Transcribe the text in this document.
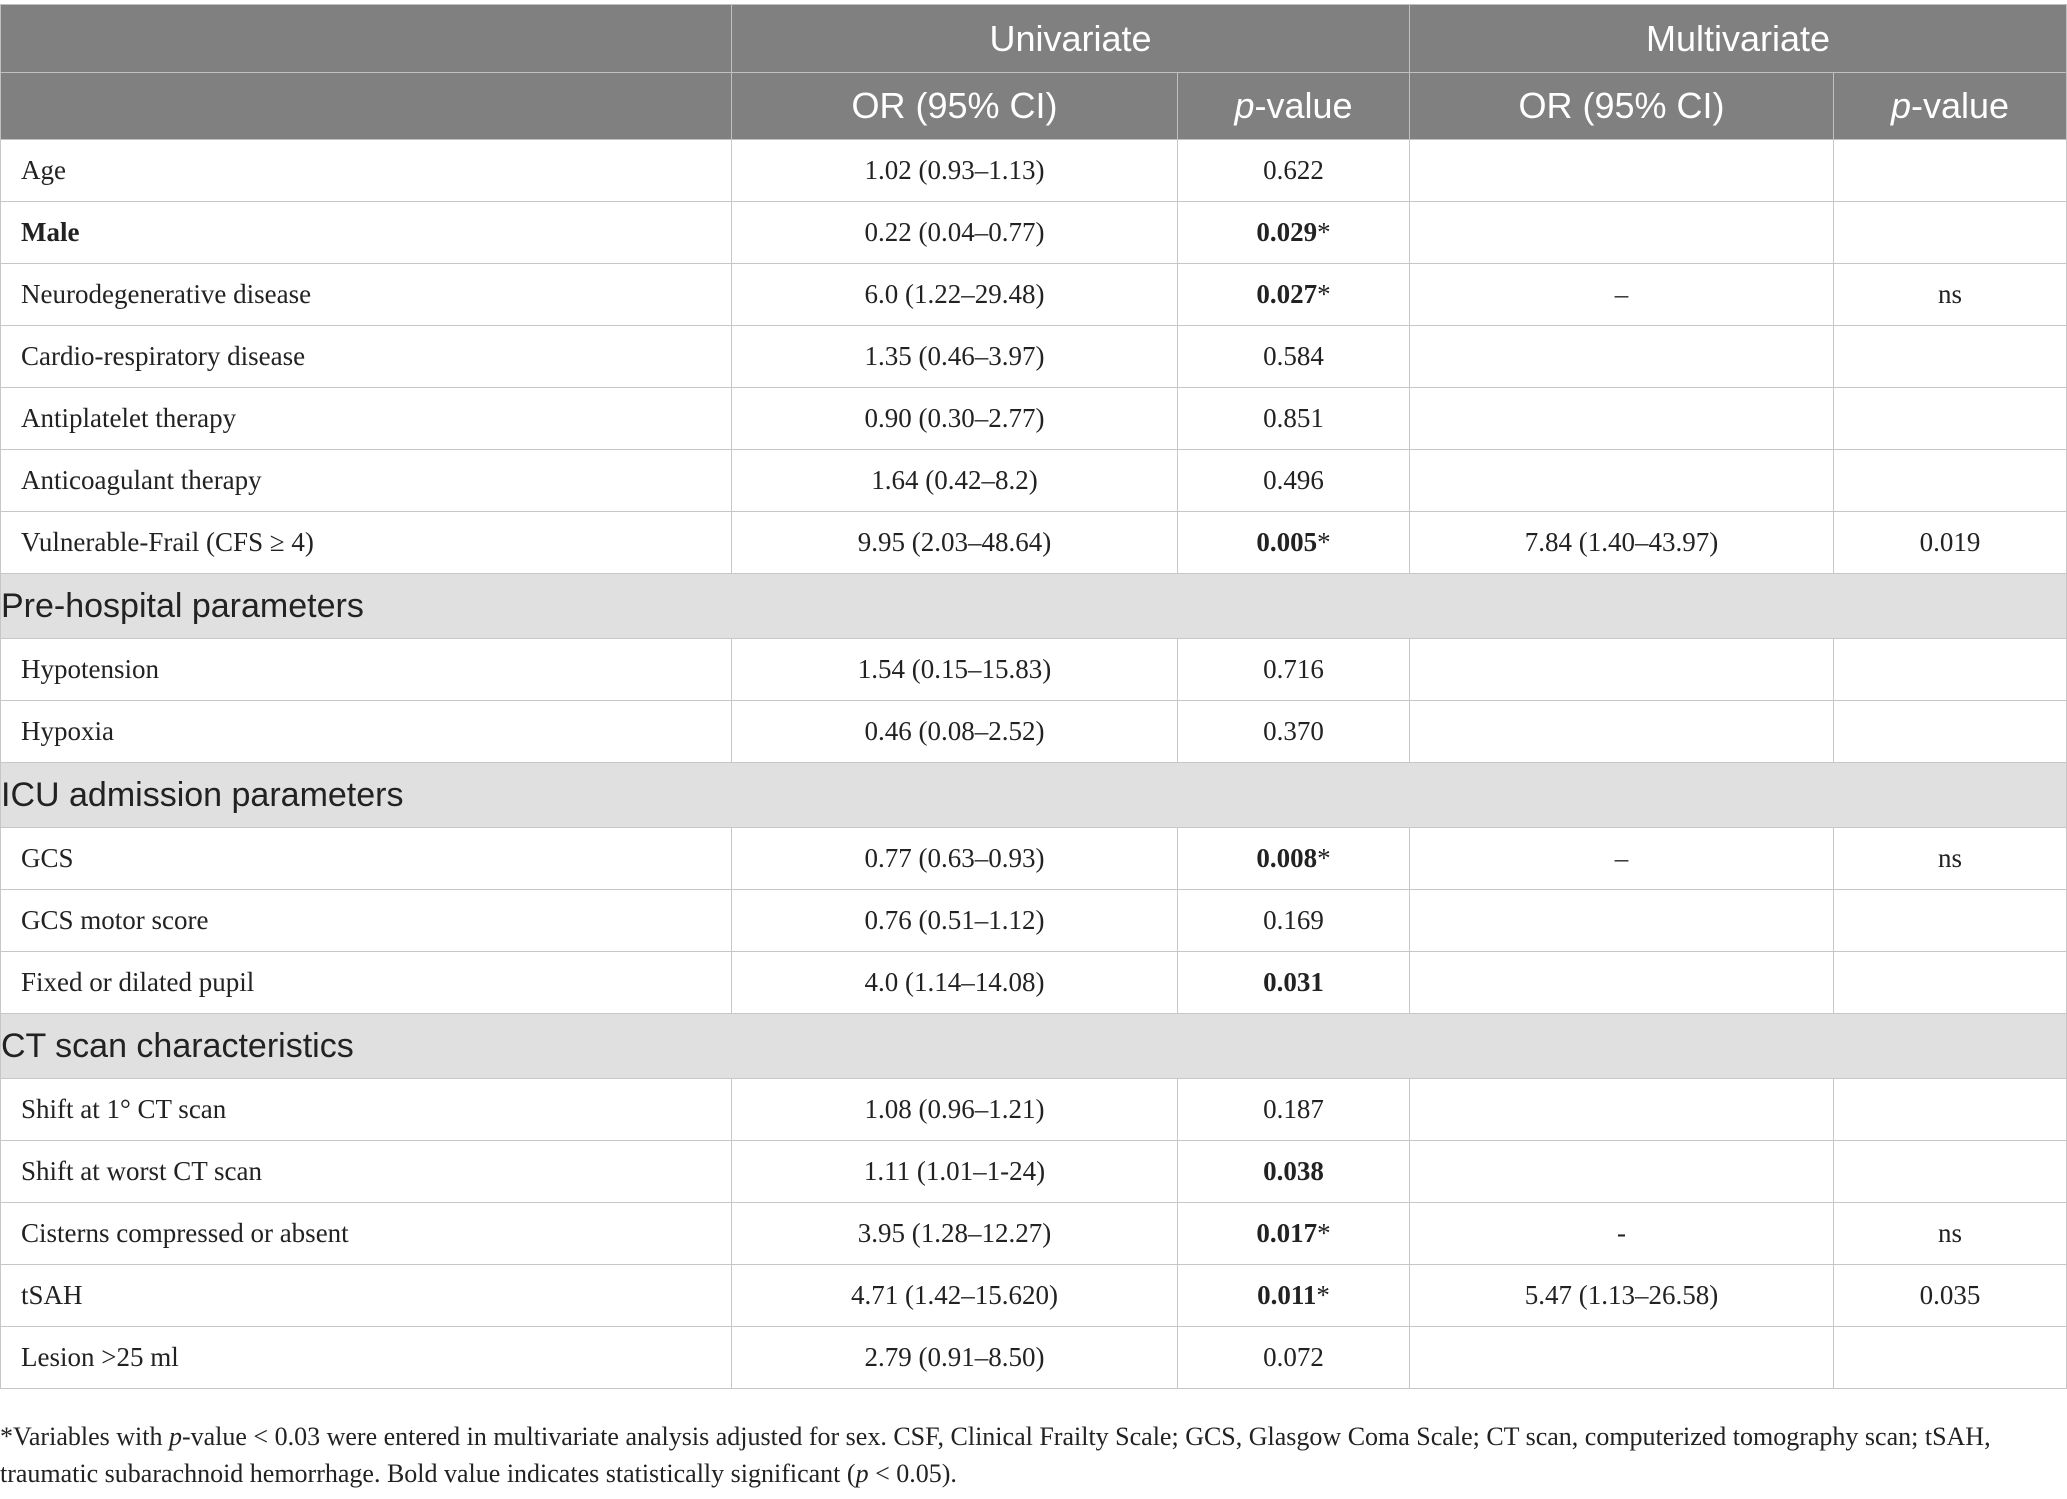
	Univariate		Multivariate	
	OR (95% CI)	p-value	OR (95% CI)	p-value
Age	1.02 (0.93–1.13)	0.622		
Male	0.22 (0.04–0.77)	0.029*		
Neurodegenerative disease	6.0 (1.22–29.48)	0.027*	–	ns
Cardio-respiratory disease	1.35 (0.46–3.97)	0.584		
Antiplatelet therapy	0.90 (0.30–2.77)	0.851		
Anticoagulant therapy	1.64 (0.42–8.2)	0.496		
Vulnerable-Frail (CFS ≥ 4)	9.95 (2.03–48.64)	0.005*	7.84 (1.40–43.97)	0.019
Pre-hospital parameters				
Hypotension	1.54 (0.15–15.83)	0.716		
Hypoxia	0.46 (0.08–2.52)	0.370		
ICU admission parameters				
GCS	0.77 (0.63–0.93)	0.008*	–	ns
GCS motor score	0.76 (0.51–1.12)	0.169		
Fixed or dilated pupil	4.0 (1.14–14.08)	0.031		
CT scan characteristics				
Shift at 1° CT scan	1.08 (0.96–1.21)	0.187		
Shift at worst CT scan	1.11 (1.01–1-24)	0.038		
Cisterns compressed or absent	3.95 (1.28–12.27)	0.017*	-	ns
tSAH	4.71 (1.42–15.620)	0.011*	5.47 (1.13–26.58)	0.035
Lesion >25 ml	2.79 (0.91–8.50)	0.072		
*Variables with p-value < 0.03 were entered in multivariate analysis adjusted for sex. CSF, Clinical Frailty Scale; GCS, Glasgow Coma Scale; CT scan, computerized tomography scan; tSAH, traumatic subarachnoid hemorrhage. Bold value indicates statistically significant (p < 0.05).
